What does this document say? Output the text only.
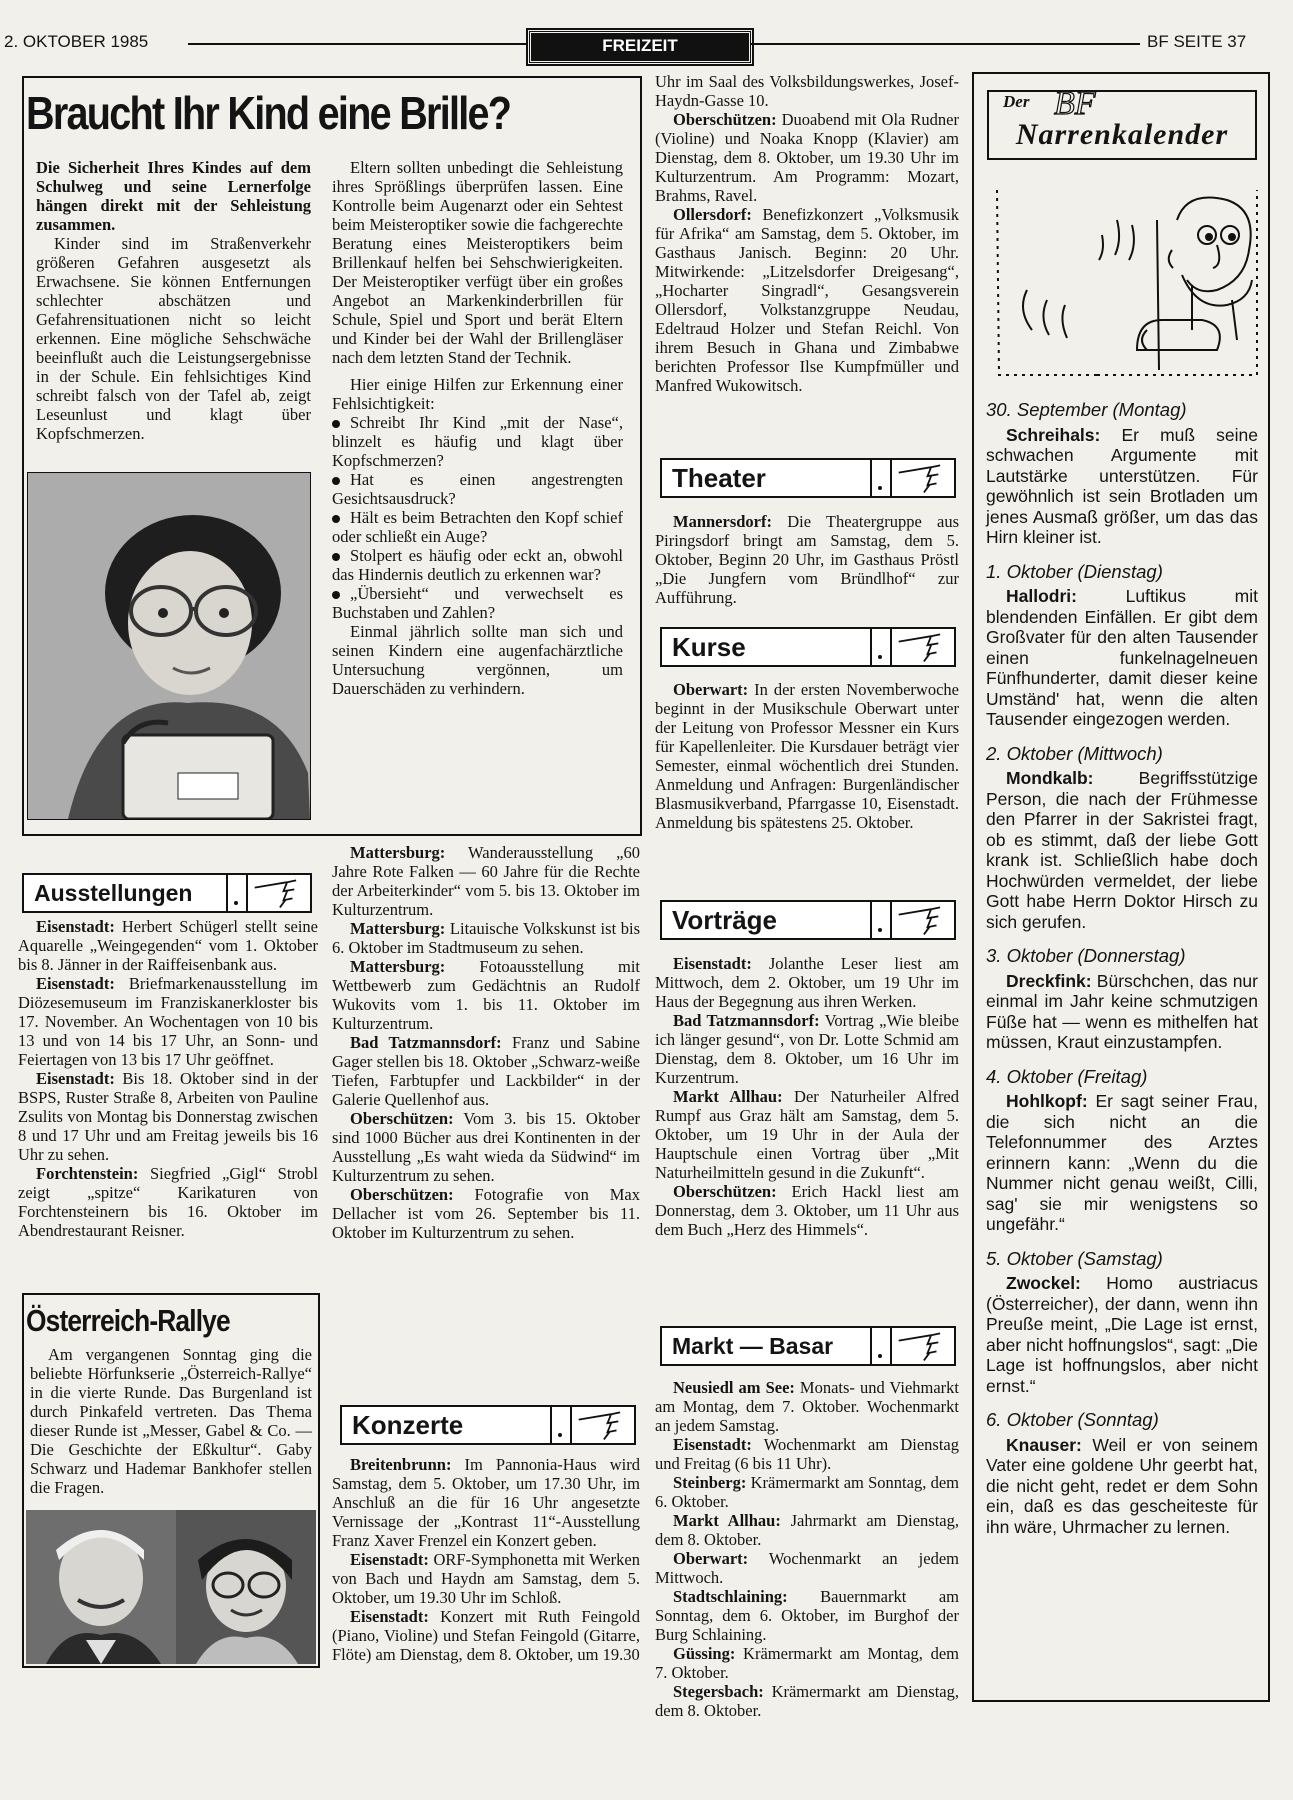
2. OKTOBER 1985	FREIZEIT	BF SEITE 37
Braucht Ihr Kind eine Brille?

Die Sicherheit Ihres Kindes auf dem Schulweg und seine Lernerfolge hängen direkt mit der Sehleistung zusammen.

Kinder sind im Straßenverkehr größeren Gefahren ausgesetzt als Erwachsene. Sie können Entfernungen schlechter abschätzen und Gefahrensituationen nicht so leicht erkennen. Eine mögliche Sehschwäche beeinflußt auch die Leistungsergebnisse in der Schule. Ein fehlsichtiges Kind schreibt falsch von der Tafel ab, zeigt Leseunlust und klagt über Kopfschmerzen.

Eltern sollten unbedingt die Sehleistung ihres Sprößlings überprüfen lassen. Eine Kontrolle beim Augenarzt oder ein Sehtest beim Meisteroptiker sowie die fachgerechte Beratung eines Meisteroptikers beim Brillenkauf helfen bei Sehschwierigkeiten. Der Meisteroptiker verfügt über ein großes Angebot an Markenkinderbrillen für Schule, Spiel und Sport und berät Eltern und Kinder bei der Wahl der Brillengläser nach dem letzten Stand der Technik.

Hier einige Hilfen zur Erkennung einer Fehlsichtigkeit:

Schreibt Ihr Kind „mit der Nase“, blinzelt es häufig und klagt über Kopfschmerzen?

Hat es einen angestrengten Gesichtsausdruck?

Hält es beim Betrachten den Kopf schief oder schließt ein Auge?

Stolpert es häufig oder eckt an, obwohl das Hindernis deutlich zu erkennen war?

„Übersieht“ und verwechselt es Buchstaben und Zahlen?

Einmal jährlich sollte man sich und seinen Kindern eine augenfachärztliche Untersuchung vergönnen, um Dauerschäden zu verhindern.

Ausstellungen

Eisenstadt: Herbert Schügerl stellt seine Aquarelle „Weingegenden“ vom 1. Oktober bis 8. Jänner in der Raiffeisenbank aus.

Eisenstadt: Briefmarkenausstellung im Diözesemuseum im Franziskanerkloster bis 17. November. An Wochentagen von 10 bis 13 und von 14 bis 17 Uhr, an Sonn- und Feiertagen von 13 bis 17 Uhr geöffnet.

Eisenstadt: Bis 18. Oktober sind in der BSPS, Ruster Straße 8, Arbeiten von Pauline Zsulits von Montag bis Donnerstag zwischen 8 und 17 Uhr und am Freitag jeweils bis 16 Uhr zu sehen.

Forchtenstein: Siegfried „Gigl“ Strobl zeigt „spitze“ Karikaturen von Forchtensteinern bis 16. Oktober im Abendrestaurant Reisner.

Österreich-Rallye

Am vergangenen Sonntag ging die beliebte Hörfunkserie „Österreich-Rallye“ in die vierte Runde. Das Burgenland ist durch Pinkafeld vertreten. Das Thema dieser Runde ist „Messer, Gabel & Co. — Die Geschichte der Eßkultur“. Gaby Schwarz und Hademar Bankhofer stellen die Fragen.

Mattersburg: Wanderausstellung „60 Jahre Rote Falken — 60 Jahre für die Rechte der Arbeiterkinder“ vom 5. bis 13. Oktober im Kulturzentrum.

Mattersburg: Litauische Volkskunst ist bis 6. Oktober im Stadtmuseum zu sehen.

Mattersburg: Fotoausstellung mit Wettbewerb zum Gedächtnis an Rudolf Wukovits vom 1. bis 11. Oktober im Kulturzentrum.

Bad Tatzmannsdorf: Franz und Sabine Gager stellen bis 18. Oktober „Schwarz-weiße Tiefen, Farbtupfer und Lackbilder“ in der Galerie Quellenhof aus.

Oberschützen: Vom 3. bis 15. Oktober sind 1000 Bücher aus drei Kontinenten in der Ausstellung „Es waht wieda da Südwind“ im Kulturzentrum zu sehen.

Oberschützen: Fotografie von Max Dellacher ist vom 26. September bis 11. Oktober im Kulturzentrum zu sehen.

Konzerte

Breitenbrunn: Im Pannonia-Haus wird Samstag, dem 5. Oktober, um 17.30 Uhr, im Anschluß an die für 16 Uhr angesetzte Vernissage der „Kontrast 11“-Ausstellung Franz Xaver Frenzel ein Konzert geben.

Eisenstadt: ORF-Symphonetta mit Werken von Bach und Haydn am Samstag, dem 5. Oktober, um 19.30 Uhr im Schloß.

Eisenstadt: Konzert mit Ruth Feingold (Piano, Violine) und Stefan Feingold (Gitarre, Flöte) am Dienstag, dem 8. Oktober, um 19.30

Uhr im Saal des Volksbildungswerkes, Josef-Haydn-Gasse 10.

Oberschützen: Duoabend mit Ola Rudner (Violine) und Noaka Knopp (Klavier) am Dienstag, dem 8. Oktober, um 19.30 Uhr im Kulturzentrum. Am Programm: Mozart, Brahms, Ravel.

Ollersdorf: Benefizkonzert „Volksmusik für Afrika“ am Samstag, dem 5. Oktober, im Gasthaus Janisch. Beginn: 20 Uhr. Mitwirkende: „Litzelsdorfer Dreigesang“, „Hocharter Singradl“, Gesangsverein Ollersdorf, Volkstanzgruppe Neudau, Edeltraud Holzer und Stefan Reichl. Von ihrem Besuch in Ghana und Zimbabwe berichten Professor Ilse Kumpfmüller und Manfred Wukowitsch.

Theater

Mannersdorf: Die Theatergruppe aus Piringsdorf bringt am Samstag, dem 5. Oktober, Beginn 20 Uhr, im Gasthaus Pröstl „Die Jungfern vom Bründlhof“ zur Aufführung.

Kurse

Oberwart: In der ersten Novemberwoche beginnt in der Musikschule Oberwart unter der Leitung von Professor Messner ein Kurs für Kapellenleiter. Die Kursdauer beträgt vier Semester, einmal wöchentlich drei Stunden. Anmeldung und Anfragen: Burgenländischer Blasmusikverband, Pfarrgasse 10, Eisenstadt. Anmeldung bis spätestens 25. Oktober.

Vorträge

Eisenstadt: Jolanthe Leser liest am Mittwoch, dem 2. Oktober, um 19 Uhr im Haus der Begegnung aus ihren Werken.

Bad Tatzmannsdorf: Vortrag „Wie bleibe ich länger gesund“, von Dr. Lotte Schmid am Dienstag, dem 8. Oktober, um 16 Uhr im Kurzentrum.

Markt Allhau: Der Naturheiler Alfred Rumpf aus Graz hält am Samstag, dem 5. Oktober, um 19 Uhr in der Aula der Hauptschule einen Vortrag über „Mit Naturheilmitteln gesund in die Zukunft“.

Oberschützen: Erich Hackl liest am Donnerstag, dem 3. Oktober, um 11 Uhr aus dem Buch „Herz des Himmels“.

Markt — Basar

Neusiedl am See: Monats- und Viehmarkt am Montag, dem 7. Oktober. Wochenmarkt an jedem Samstag.

Eisenstadt: Wochenmarkt am Dienstag und Freitag (6 bis 11 Uhr).

Steinberg: Krämermarkt am Sonntag, dem 6. Oktober.

Markt Allhau: Jahrmarkt am Dienstag, dem 8. Oktober.

Oberwart: Wochenmarkt an jedem Mittwoch.

Stadtschlaining: Bauernmarkt am Sonntag, dem 6. Oktober, im Burghof der Burg Schlaining.

Güssing: Krämermarkt am Montag, dem 7. Oktober.

Stegersbach: Krämermarkt am Dienstag, dem 8. Oktober.

Der BF
Narrenkalender
30. September (Montag)

Schreihals: Er muß seine schwachen Argumente mit Lautstärke unterstützen. Für gewöhnlich ist sein Brotladen um jenes Ausmaß größer, um das das Hirn kleiner ist.

1. Oktober (Dienstag)

Hallodri:	Luftikus mit blendenden Einfällen. Er gibt dem Großvater für den alten Tausender einen funkelnagelneuen Fünfhunderter, damit dieser keine Umständ' hat, wenn die alten Tausender eingezogen werden.

2. Oktober (Mittwoch)

Mondkalb:	Begriffsstützige Person, die nach der Frühmesse den Pfarrer in der Sakristei fragt, ob es stimmt, daß der liebe Gott krank ist. Schließlich habe doch Hochwürden vermeldet, der liebe Gott habe Herrn Doktor Hirsch zu sich gerufen.

3. Oktober (Donnerstag)

Dreckfink: Bürschchen, das nur einmal im Jahr keine schmutzigen Füße hat — wenn es mithelfen hat müssen, Kraut einzustampfen.

4. Oktober (Freitag)

Hohlkopf: Er sagt seiner Frau, die sich nicht an die Telefonnummer des Arztes erinnern kann: „Wenn du die Nummer nicht genau weißt, Cilli, sag' sie mir wenigstens so ungefähr.“

5. Oktober (Samstag)

Zwockel: Homo austriacus (Österreicher), der dann, wenn ihn Preuße meint, „Die Lage ist ernst, aber nicht hoffnungslos“, sagt: „Die Lage ist hoffnungslos, aber nicht ernst.“

6. Oktober (Sonntag)

Knauser: Weil er von seinem Vater eine goldene Uhr geerbt hat, die nicht geht, redet er dem Sohn ein, daß es das gescheiteste für ihn wäre, Uhrmacher zu lernen.
